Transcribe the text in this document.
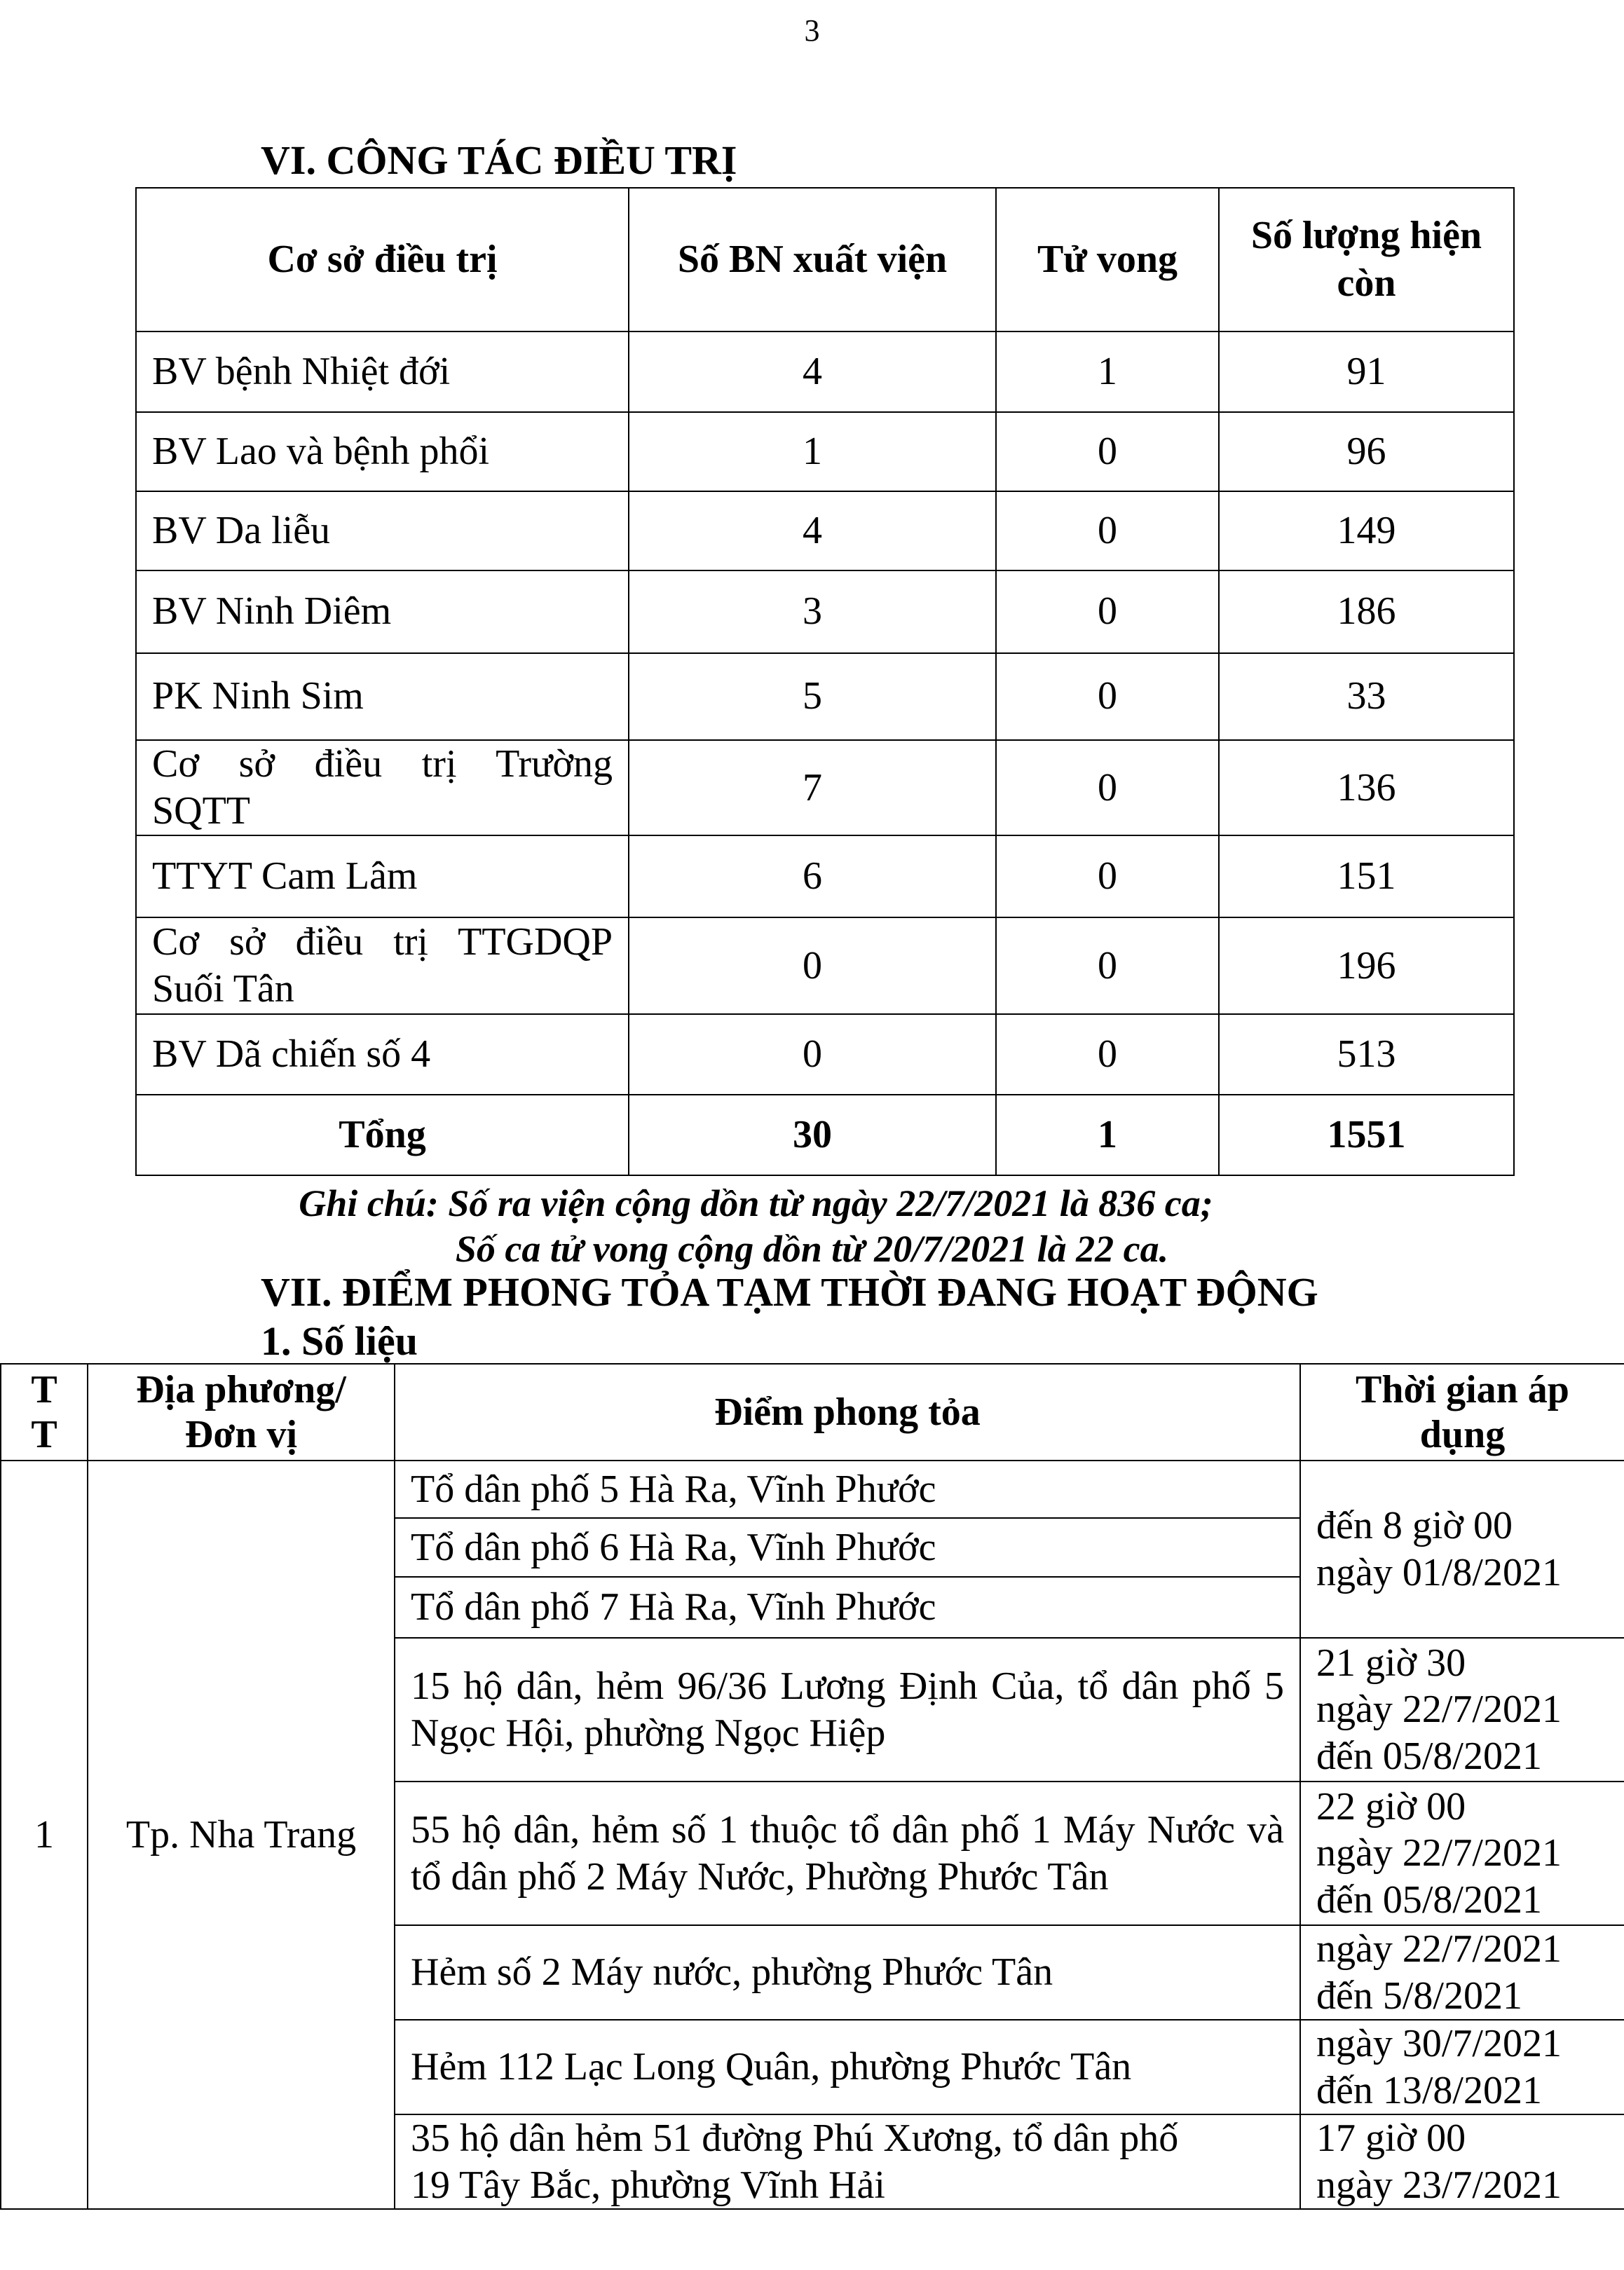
3
VI. CÔNG TÁC ĐIỀU TRỊ
Cơ sở điều trị	Số BN xuất viện	Tử vong	Số lượng hiện còn
BV bệnh Nhiệt đới	4	1	91
BV Lao và bệnh phổi	1	0	96
BV Da liễu	4	0	149
BV Ninh Diêm	3	0	186
PK Ninh Sim	5	0	33
Cơ sở điều trị Trường
SQTT	7	0	136
TTYT Cam Lâm	6	0	151
Cơ sở điều trị TTGDQP
Suối Tân	0	0	196
BV Dã chiến số 4	0	0	513
Tổng	30	1	1551
Ghi chú: Số ra viện cộng dồn từ ngày 22/7/2021 là 836 ca;
Số ca tử vong cộng dồn từ 20/7/2021 là 22 ca.
VII. ĐIỂM PHONG TỎA TẠM THỜI ĐANG HOẠT ĐỘNG
1. Số liệu
T
T	Địa phương/
Đơn vị	Điểm phong tỏa	Thời gian áp
dụng
1	Tp. Nha Trang	Tổ dân phố 5 Hà Ra, Vĩnh Phước	đến 8 giờ 00
ngày 01/8/2021
		Tổ dân phố 6 Hà Ra, Vĩnh Phước	
		Tổ dân phố 7 Hà Ra, Vĩnh Phước	
		15 hộ dân, hẻm 96/36 Lương Định Của, tổ dân phố 5 Ngọc Hội, phường Ngọc Hiệp	21 giờ 30
ngày 22/7/2021
đến 05/8/2021
		55 hộ dân, hẻm số 1 thuộc tổ dân phố 1 Máy Nước và tổ dân phố 2 Máy Nước, Phường Phước Tân	22 giờ 00
ngày 22/7/2021
đến 05/8/2021
		Hẻm số 2 Máy nước, phường Phước Tân	ngày 22/7/2021
đến 5/8/2021
		Hẻm 112 Lạc Long Quân, phường Phước Tân	ngày 30/7/2021
đến 13/8/2021
		35 hộ dân hẻm 51 đường Phú Xương, tổ dân phố
19 Tây Bắc, phường Vĩnh Hải	17 giờ 00
ngày 23/7/2021
